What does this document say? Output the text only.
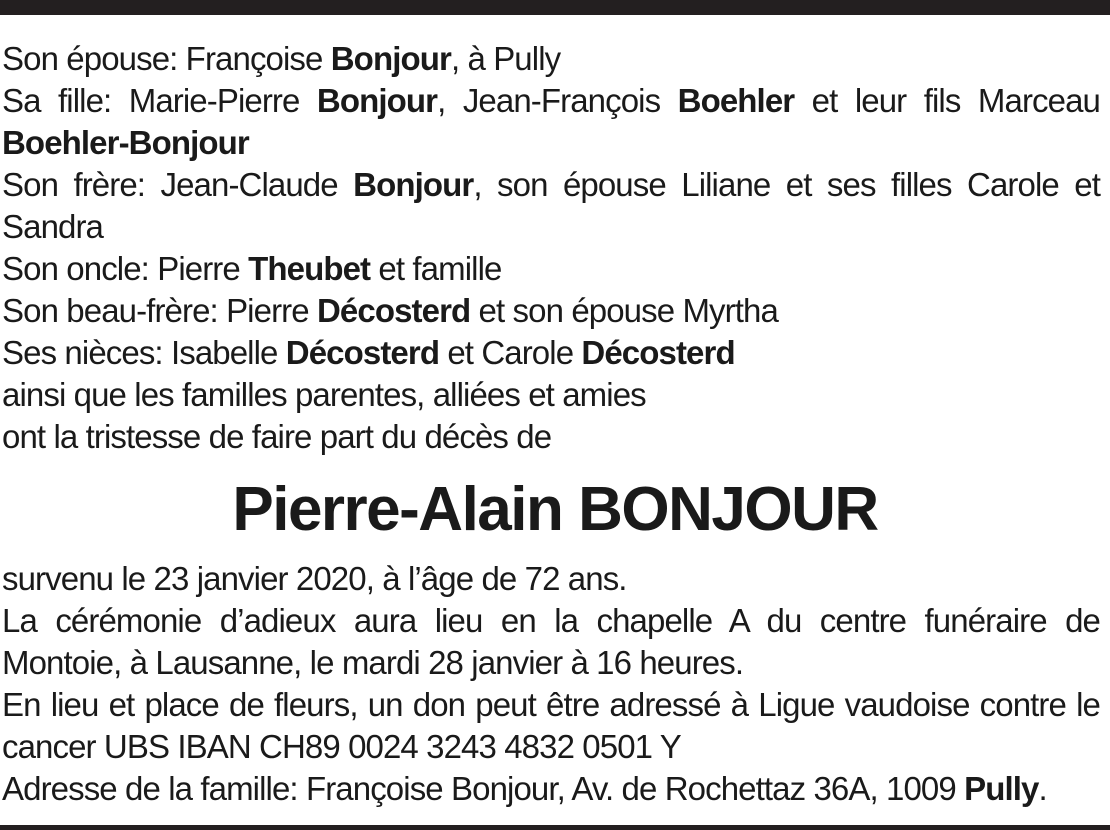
Son épouse: Françoise Bonjour, à Pully

Sa fille: Marie-Pierre Bonjour, Jean-François Boehler et leur fils Marceau Boehler-Bonjour

Son frère: Jean-Claude Bonjour, son épouse Liliane et ses filles Carole et Sandra

Son oncle: Pierre Theubet et famille

Son beau-frère: Pierre Décosterd et son épouse Myrtha

Ses nièces: Isabelle Décosterd et Carole Décosterd

ainsi que les familles parentes, alliées et amies

ont la tristesse de faire part du décès de

Pierre-Alain BONJOUR

survenu le 23 janvier 2020, à l’âge de 72 ans.

La cérémonie d’adieux aura lieu en la chapelle A du centre funéraire de Montoie, à Lausanne, le mardi 28 janvier à 16 heures.

En lieu et place de fleurs, un don peut être adressé à Ligue vaudoise contre le cancer UBS IBAN CH89 0024 3243 4832 0501 Y

Adresse de la famille: Françoise Bonjour, Av. de Rochettaz 36A, 1009 Pully.
